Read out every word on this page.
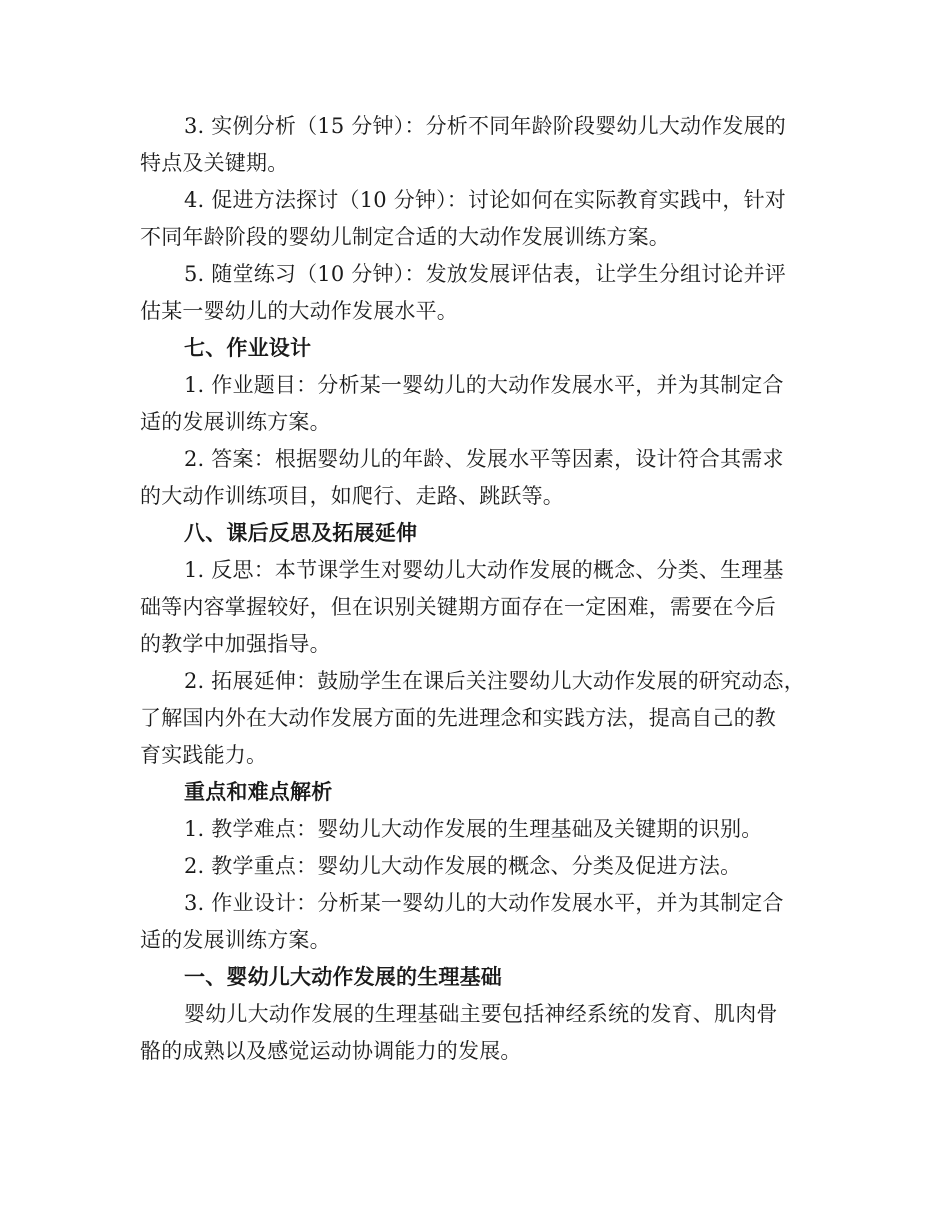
3. 实例分析（15 分钟）：分析不同年龄阶段婴幼儿大动作发展的
特点及关键期。
4. 促进方法探讨（10 分钟）：讨论如何在实际教育实践中，针对
不同年龄阶段的婴幼儿制定合适的大动作发展训练方案。
5. 随堂练习（10 分钟）：发放发展评估表，让学生分组讨论并评
估某一婴幼儿的大动作发展水平。
七、作业设计
1. 作业题目：分析某一婴幼儿的大动作发展水平，并为其制定合
适的发展训练方案。
2. 答案：根据婴幼儿的年龄、发展水平等因素，设计符合其需求
的大动作训练项目，如爬行、走路、跳跃等。
八、课后反思及拓展延伸
1. 反思：本节课学生对婴幼儿大动作发展的概念、分类、生理基
础等内容掌握较好，但在识别关键期方面存在一定困难，需要在今后
的教学中加强指导。
2. 拓展延伸：鼓励学生在课后关注婴幼儿大动作发展的研究动态，
了解国内外在大动作发展方面的先进理念和实践方法，提高自己的教
育实践能力。
重点和难点解析
1. 教学难点：婴幼儿大动作发展的生理基础及关键期的识别。
2. 教学重点：婴幼儿大动作发展的概念、分类及促进方法。
3. 作业设计：分析某一婴幼儿的大动作发展水平，并为其制定合
适的发展训练方案。
一、婴幼儿大动作发展的生理基础
婴幼儿大动作发展的生理基础主要包括神经系统的发育、肌肉骨
骼的成熟以及感觉运动协调能力的发展。
